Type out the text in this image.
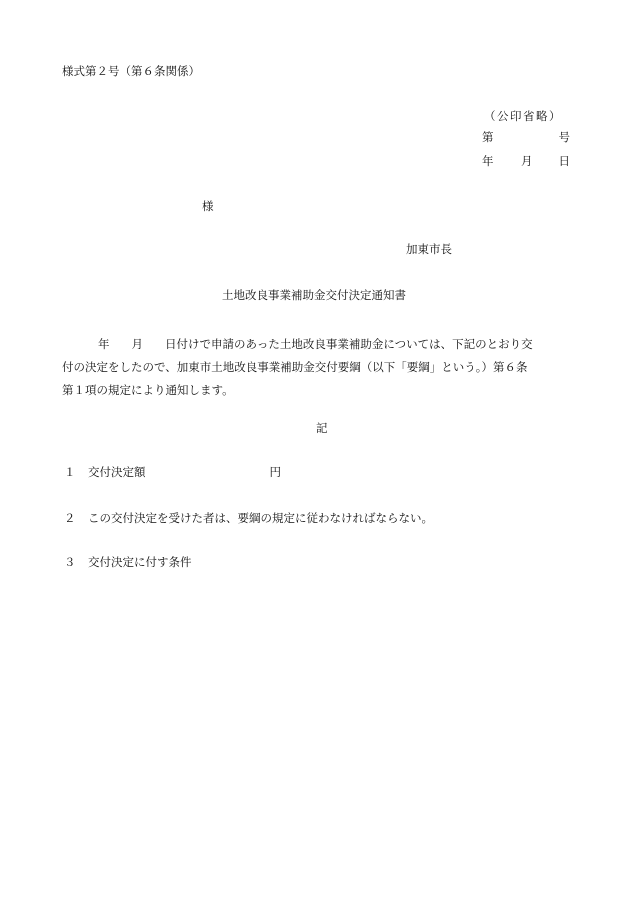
様式第２号（第６条関係）
（公印省略）
第	号
年 月 日
様
加東市長
土地改良事業補助金交付決定通知書
年 月 日付けで申請のあった土地改良事業補助金については、下記のとおり交
付の決定をしたので、加東市土地改良事業補助金交付要綱（以下「要綱」という。）第６条
第１項の規定により通知します。
記
１ 交付決定額	円
２ この交付決定を受けた者は、要綱の規定に従わなければならない。
３ 交付決定に付す条件
